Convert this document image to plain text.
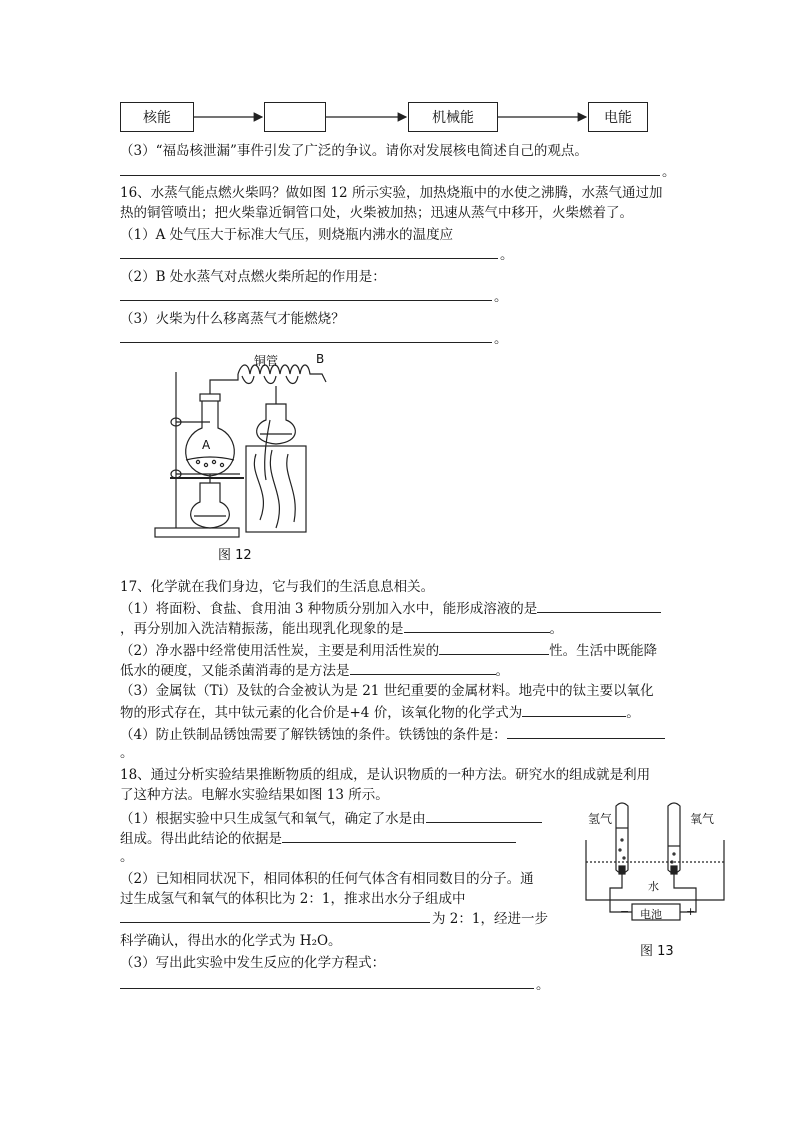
核能	机械能	电能
（3）“福岛核泄漏”事件引发了广泛的争议。请你对发展核电简述自己的观点。
。
16、水蒸气能点燃火柴吗？做如图 12 所示实验，加热烧瓶中的水使之沸腾，水蒸气通过加
热的铜管喷出；把火柴靠近铜管口处，火柴被加热；迅速从蒸气中移开，火柴燃着了。
（1）A 处气压大于标准大气压，则烧瓶内沸水的温度应
。
（2）B 处水蒸气对点燃火柴所起的作用是：
。
（3）火柴为什么移离蒸气才能燃烧？
。
铜管	B
A
图 12
17、化学就在我们身边，它与我们的生活息息相关。
（1）将面粉、食盐、食用油 3 种物质分别加入水中，能形成溶液的是
，再分别加入洗洁精振荡，能出现乳化现象的是	。
（2）净水器中经常使用活性炭，主要是利用活性炭的	性。生活中既能降
低水的硬度，又能杀菌消毒的是方法是	。
（3）金属钛（Ti）及钛的合金被认为是 21 世纪重要的金属材料。地壳中的钛主要以氧化
物的形式存在，其中钛元素的化合价是+4 价，该氧化物的化学式为	。
（4）防止铁制品锈蚀需要了解铁锈蚀的条件。铁锈蚀的条件是：
。
18、通过分析实验结果推断物质的组成，是认识物质的一种方法。研究水的组成就是利用
了这种方法。电解水实验结果如图 13 所示。
（1）根据实验中只生成氢气和氧气，确定了水是由
组成。得出此结论的依据是
。
（2）已知相同状况下，相同体积的任何气体含有相同数目的分子。通
过生成氢气和氧气的体积比为 2：1，推求出水分子组成中
为 2：1，经进一步
科学确认，得出水的化学式为 H₂O。
（3）写出此实验中发生反应的化学方程式：
。
氢气	氧气
水
− 电池 +
图 13
